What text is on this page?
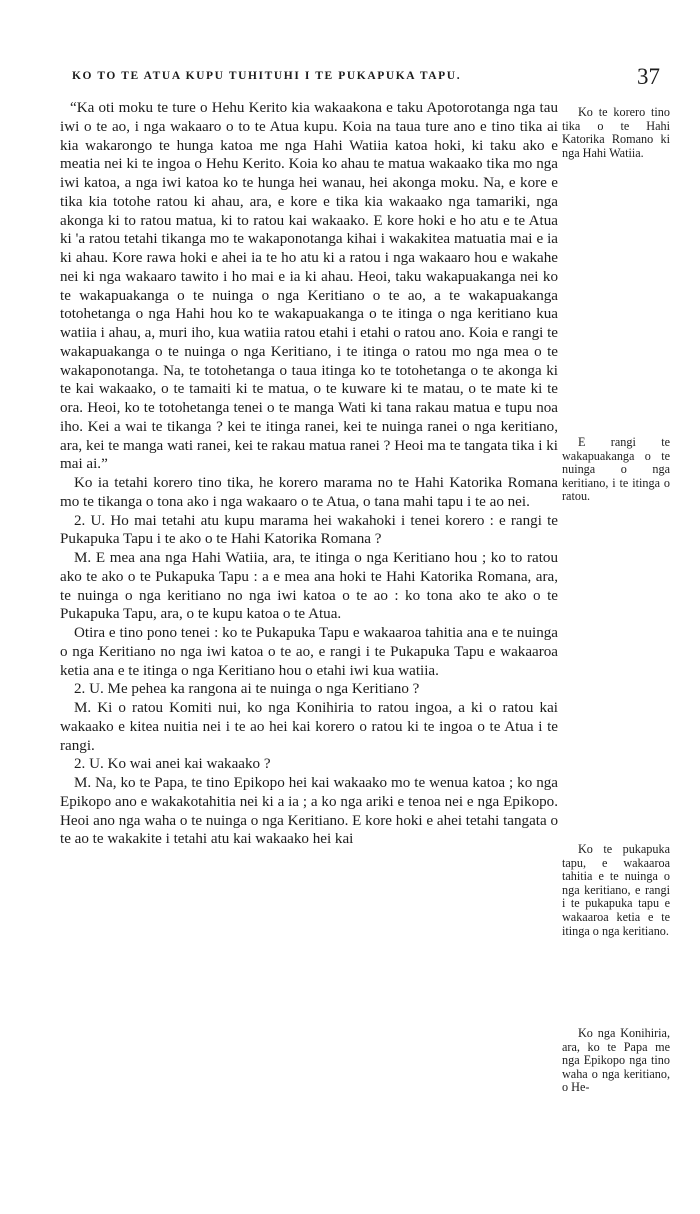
KO TO TE ATUA KUPU TUHITUHI I TE PUKAPUKA TAPU.	37

“Ka oti moku te ture o Hehu Kerito kia wakaakona e taku Apotorotanga nga tau iwi o te ao, i nga wakaaro o to te Atua kupu. Koia na taua ture ano e tino tika ai kia wakarongo te hunga katoa me nga Hahi Watiia katoa hoki, ki taku ako e meatia nei ki te ingoa o Hehu Kerito. Koia ko ahau te matua wakaako tika mo nga iwi katoa, a nga iwi katoa ko te hunga hei wanau, hei akonga moku. Na, e kore e tika kia totohe ratou ki ahau, ara, e kore e tika kia wakaako nga tamariki, nga akonga ki to ratou matua, ki to ratou kai wakaako. E kore hoki e ho atu e te Atua ki 'a ratou tetahi tikanga mo te wakaponotanga kihai i wakakitea matuatia mai e ia ki ahau. Kore rawa hoki e ahei ia te ho atu ki a ratou i nga wakaaro hou e wakahe nei ki nga wakaaro tawito i ho mai e ia ki ahau. Heoi, taku wakapuakanga nei ko te wakapuakanga o te nuinga o nga Keritiano o te ao, a te wakapuakanga totohetanga o nga Hahi hou ko te wakapuakanga o te itinga o nga keritiano kua watiia i ahau, a, muri iho, kua watiia ratou etahi i etahi o ratou ano. Koia e rangi te wakapuakanga o te nuinga o nga Keritiano, i te itinga o ratou mo nga mea o te wakaponotanga. Na, te totohetanga o taua itinga ko te totohetanga o te akonga ki te kai wakaako, o te tamaiti ki te matua, o te kuware ki te matau, o te mate ki te ora. Heoi, ko te totohetanga tenei o te manga Wati ki tana rakau matua e tupu noa iho. Kei a wai te tikanga ? kei te itinga ranei, kei te nuinga ranei o nga keritiano, ara, kei te manga wati ranei, kei te rakau matua ranei ? Heoi ma te tangata tika i ki mai ai.”

Ko ia tetahi korero tino tika, he korero marama no te Hahi Katorika Romana mo te tikanga o tona ako i nga wakaaro o te Atua, o tana mahi tapu i te ao nei.

2. U. Ho mai tetahi atu kupu marama hei wakahoki i tenei korero : e rangi te Pukapuka Tapu i te ako o te Hahi Katorika Romana ?

M. E mea ana nga Hahi Watiia, ara, te itinga o nga Keritiano hou ; ko to ratou ako te ako o te Pukapuka Tapu : a e mea ana hoki te Hahi Katorika Romana, ara, te nuinga o nga keritiano no nga iwi katoa o te ao : ko tona ako te ako o te Pukapuka Tapu, ara, o te kupu katoa o te Atua.

Otira e tino pono tenei : ko te Pukapuka Tapu e wakaaroa tahitia ana e te nuinga o nga Keritiano no nga iwi katoa o te ao, e rangi i te Pukapuka Tapu e wakaaroa ketia ana e te itinga o nga Keritiano hou o etahi iwi kua watiia.

2. U. Me pehea ka rangona ai te nuinga o nga Keritiano ?

M. Ki o ratou Komiti nui, ko nga Konihiria to ratou ingoa, a ki o ratou kai wakaako e kitea nuitia nei i te ao hei kai korero o ratou ki te ingoa o te Atua i te rangi.

2. U. Ko wai anei kai wakaako ?

M. Na, ko te Papa, te tino Epikopo hei kai wakaako mo te wenua katoa ; ko nga Epikopo ano e wakakotahitia nei ki a ia ; a ko nga ariki e tenoa nei e nga Epikopo. Heoi ano nga waha o te nuinga o nga Keritiano. E kore hoki e ahei tetahi tangata o te ao te wakakite i tetahi atu kai wakaako hei kai

Ko te korero tino tika o te Hahi Katorika Romano ki nga Hahi Watiia.

E rangi te wakapuakanga o te nuinga o nga keritiano, i te itinga o ratou.

Ko te pukapuka tapu, e wakaaroa tahitia e te nuinga o nga keritiano, e rangi i te pukapuka tapu e wakaaroa ketia e te itinga o nga keritiano.

Ko nga Konihiria, ara, ko te Papa me nga Epikopo nga tino waha o nga keritiano, o He-
